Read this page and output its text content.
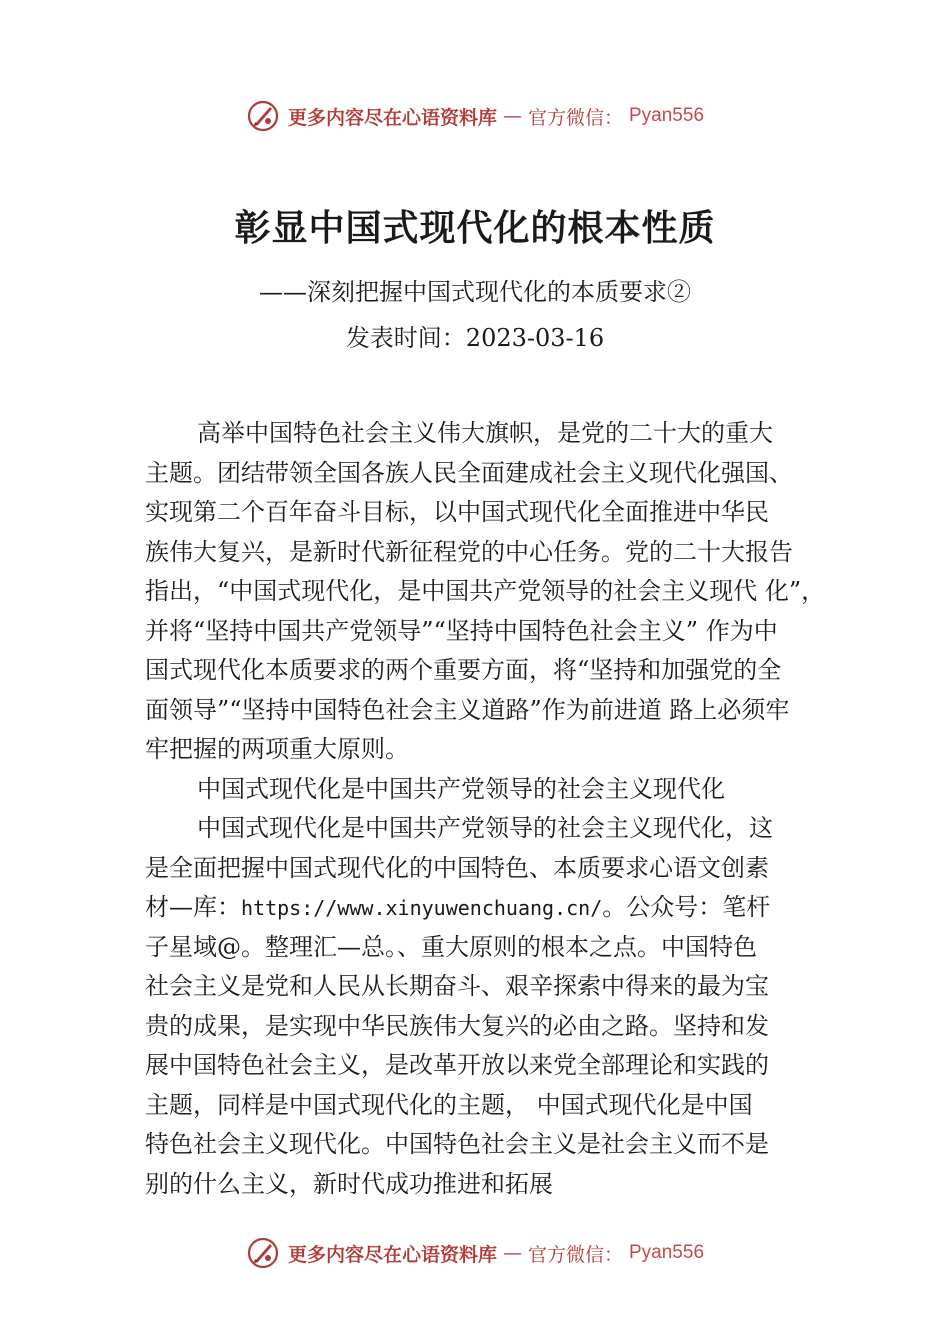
更多内容尽在心语资料库 — 官方微信： Pyan556
彰显中国式现代化的根本性质
——深刻把握中国式现代化的本质要求②
发表时间：2023-03-16
高举中国特色社会主义伟大旗帜，是党的二十大的重大
主题。团结带领全国各族人民全面建成社会主义现代化强国、
实现第二个百年奋斗目标，以中国式现代化全面推进中华民
族伟大复兴，是新时代新征程党的中心任务。党的二十大报告
指出，“中国式现代化，是中国共产党领导的社会主义现代 化”，
并将“坚持中国共产党领导”“坚持中国特色社会主义” 作为中
国式现代化本质要求的两个重要方面，将“坚持和加强党的全
面领导”“坚持中国特色社会主义道路”作为前进道 路上必须牢
牢把握的两项重大原则。
中国式现代化是中国共产党领导的社会主义现代化
中国式现代化是中国共产党领导的社会主义现代化，这
是全面把握中国式现代化的中国特色、本质要求心语文创素
材—库：https://www.xinyuwenchuang.cn/。公众号：笔杆
子星域@。整理汇—总。、重大原则的根本之点。中国特色
社会主义是党和人民从长期奋斗、艰辛探索中得来的最为宝
贵的成果，是实现中华民族伟大复兴的必由之路。坚持和发
展中国特色社会主义，是改革开放以来党全部理论和实践的
主题，同样是中国式现代化的主题， 中国式现代化是中国
特色社会主义现代化。中国特色社会主义是社会主义而不是
别的什么主义，新时代成功推进和拓展
更多内容尽在心语资料库 — 官方微信： Pyan556
